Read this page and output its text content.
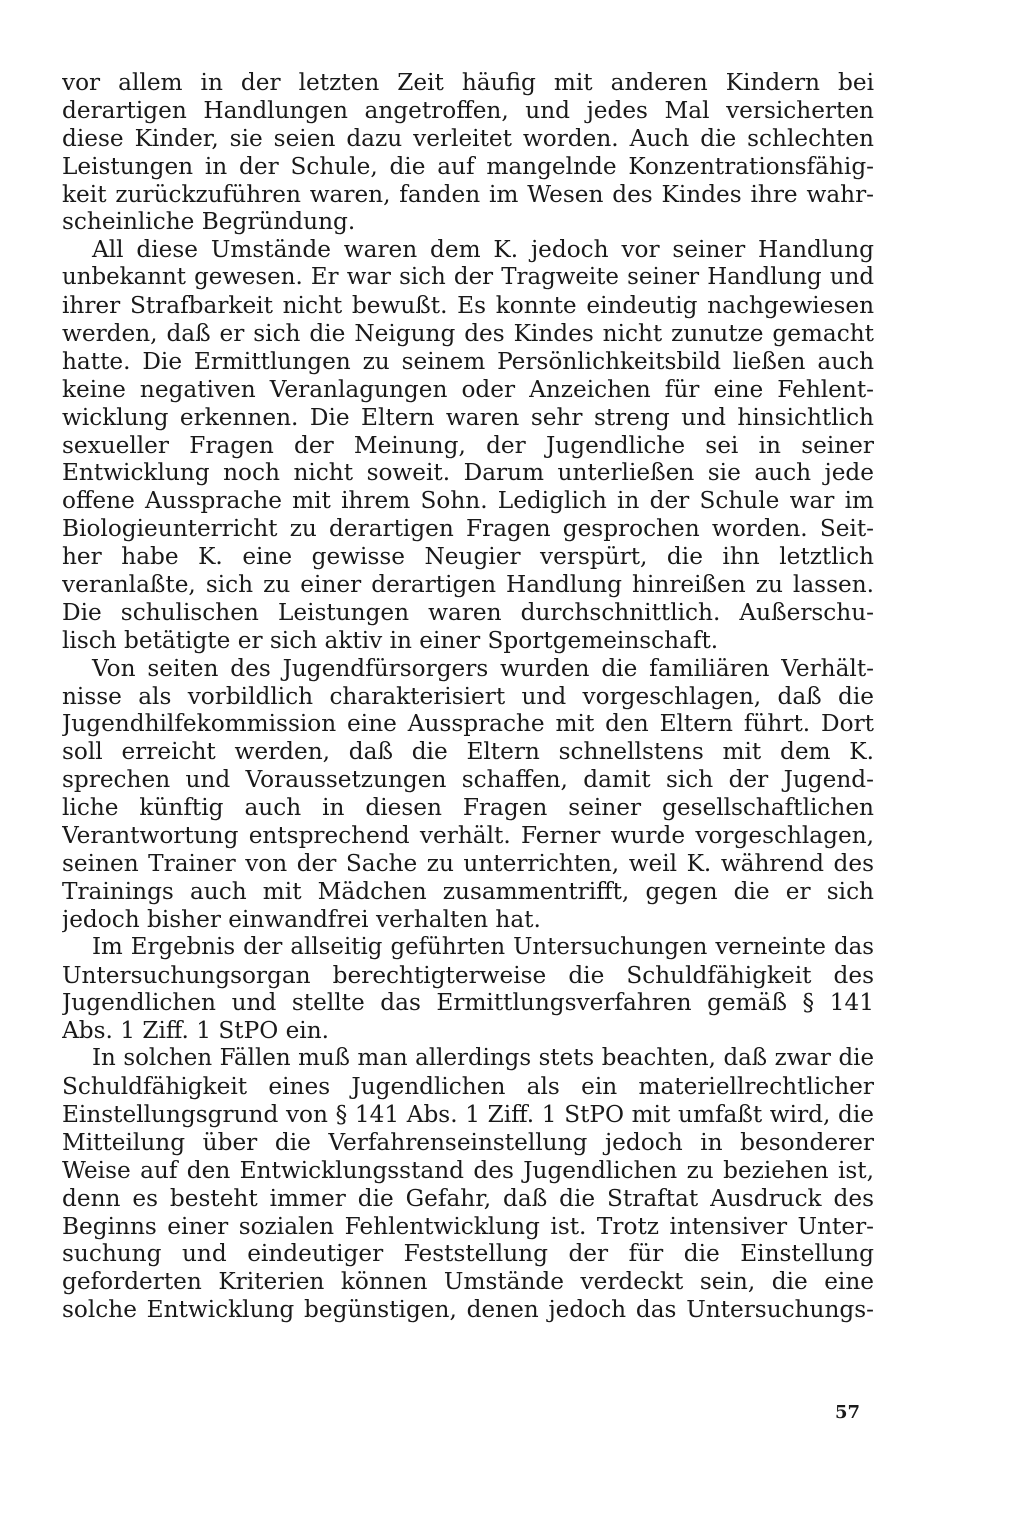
vor allem in der letzten Zeit häufig mit anderen Kindern bei
derartigen Handlungen angetroffen, und jedes Mal versicherten
diese Kinder, sie seien dazu verleitet worden. Auch die schlechten
Leistungen in der Schule, die auf mangelnde Konzentrationsfähig-
keit zurückzuführen waren, fanden im Wesen des Kindes ihre wahr-
scheinliche Begründung.
All diese Umstände waren dem K. jedoch vor seiner Handlung
unbekannt gewesen. Er war sich der Tragweite seiner Handlung und
ihrer Strafbarkeit nicht bewußt. Es konnte eindeutig nachgewiesen
werden, daß er sich die Neigung des Kindes nicht zunutze gemacht
hatte. Die Ermittlungen zu seinem Persönlichkeitsbild ließen auch
keine negativen Veranlagungen oder Anzeichen für eine Fehlent-
wicklung erkennen. Die Eltern waren sehr streng und hinsichtlich
sexueller Fragen der Meinung, der Jugendliche sei in seiner
Entwicklung noch nicht soweit. Darum unterließen sie auch jede
offene Aussprache mit ihrem Sohn. Lediglich in der Schule war im
Biologieunterricht zu derartigen Fragen gesprochen worden. Seit-
her habe K. eine gewisse Neugier verspürt, die ihn letztlich
veranlaßte, sich zu einer derartigen Handlung hinreißen zu lassen.
Die schulischen Leistungen waren durchschnittlich. Außerschu-
lisch betätigte er sich aktiv in einer Sportgemeinschaft.
Von seiten des Jugendfürsorgers wurden die familiären Verhält-
nisse als vorbildlich charakterisiert und vorgeschlagen, daß die
Jugendhilfekommission eine Aussprache mit den Eltern führt. Dort
soll erreicht werden, daß die Eltern schnellstens mit dem K.
sprechen und Voraussetzungen schaffen, damit sich der Jugend-
liche künftig auch in diesen Fragen seiner gesellschaftlichen
Verantwortung entsprechend verhält. Ferner wurde vorgeschlagen,
seinen Trainer von der Sache zu unterrichten, weil K. während des
Trainings auch mit Mädchen zusammentrifft, gegen die er sich
jedoch bisher einwandfrei verhalten hat.
Im Ergebnis der allseitig geführten Untersuchungen verneinte das
Untersuchungsorgan berechtigterweise die Schuldfähigkeit des
Jugendlichen und stellte das Ermittlungsverfahren gemäß § 141
Abs. 1 Ziff. 1 StPO ein.
In solchen Fällen muß man allerdings stets beachten, daß zwar die
Schuldfähigkeit eines Jugendlichen als ein materiellrechtlicher
Einstellungsgrund von § 141 Abs. 1 Ziff. 1 StPO mit umfaßt wird, die
Mitteilung über die Verfahrenseinstellung jedoch in besonderer
Weise auf den Entwicklungsstand des Jugendlichen zu beziehen ist,
denn es besteht immer die Gefahr, daß die Straftat Ausdruck des
Beginns einer sozialen Fehlentwicklung ist. Trotz intensiver Unter-
suchung und eindeutiger Feststellung der für die Einstellung
geforderten Kriterien können Umstände verdeckt sein, die eine
solche Entwicklung begünstigen, denen jedoch das Untersuchungs-
57
